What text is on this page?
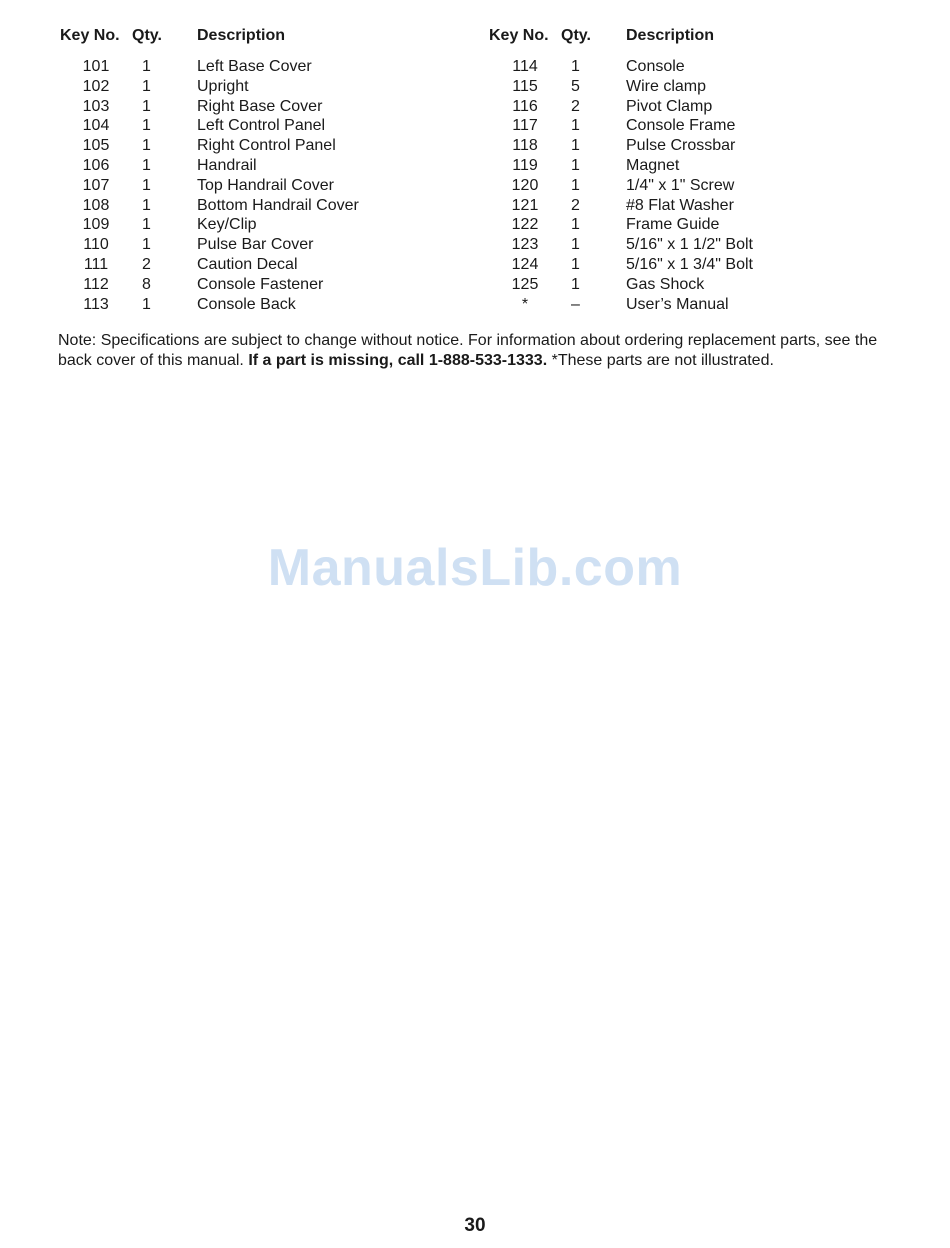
Key No.	Qty.	Description
101	1	Left Base Cover
102	1	Upright
103	1	Right Base Cover
104	1	Left Control Panel
105	1	Right Control Panel
106	1	Handrail
107	1	Top Handrail Cover
108	1	Bottom Handrail Cover
109	1	Key/Clip
110	1	Pulse Bar Cover
111	2	Caution Decal
112	8	Console Fastener
113	1	Console Back
Key No.	Qty.	Description
114	1	Console
115	5	Wire clamp
116	2	Pivot Clamp
117	1	Console Frame
118	1	Pulse Crossbar
119	1	Magnet
120	1	1/4" x 1" Screw
121	2	#8 Flat Washer
122	1	Frame Guide
123	1	5/16" x 1 1/2" Bolt
124	1	5/16" x 1 3/4" Bolt
125	1	Gas Shock
*	–	User’s Manual
Note: Specifications are subject to change without notice. For information about ordering replacement parts, see the back cover of this manual. If a part is missing, call 1-888-533-1333. *These parts are not illustrated.
ManualsLib.com
30
